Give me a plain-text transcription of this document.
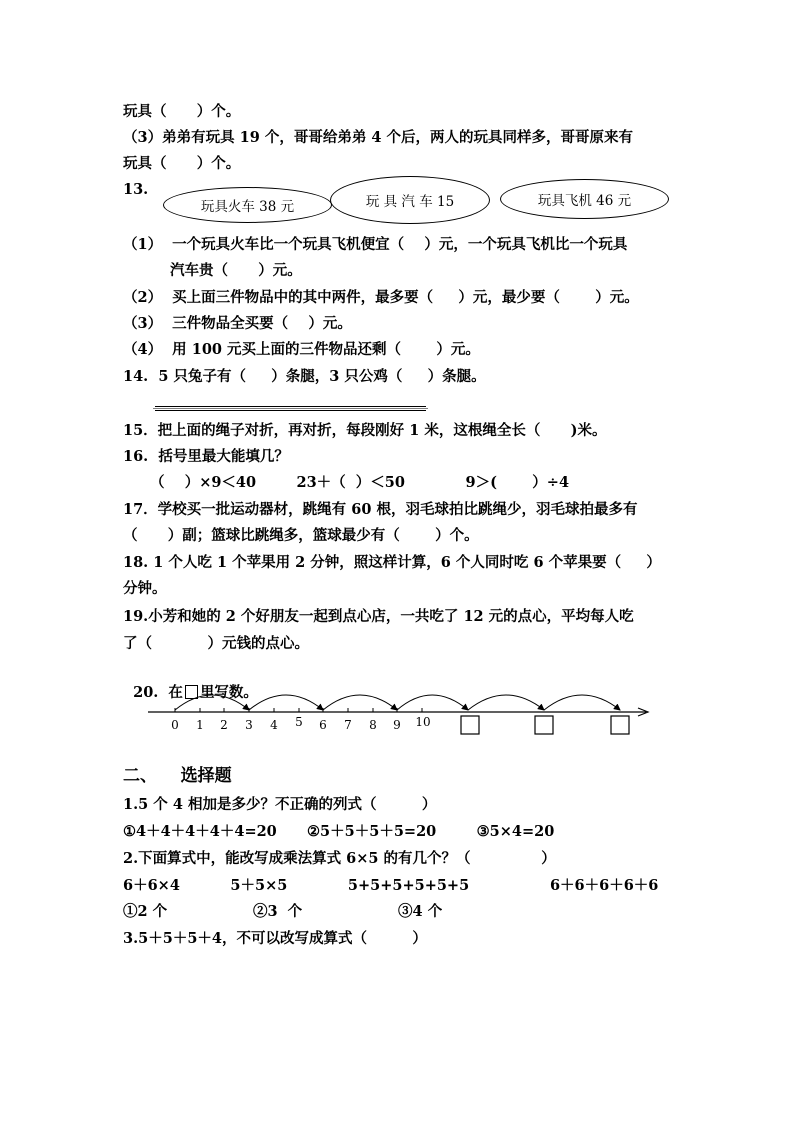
玩具（      ）个。
（3）弟弟有玩具 19 个，哥哥给弟弟 4 个后，两人的玩具同样多，哥哥原来有
玩具（      ）个。
13.
玩具火车 38 元	玩 具 汽 车 15	玩具飞机 46 元
（1）  一个玩具火车比一个玩具飞机便宜（    ）元，一个玩具飞机比一个玩具
汽车贵（      ）元。
（2）  买上面三件物品中的其中两件，最多要（     ）元，最少要（       ）元。
（3）  三件物品全买要（    ）元。
（4）  用 100 元买上面的三件物品还剩（       ）元。
14.  5 只兔子有（     ）条腿，3 只公鸡（     ）条腿。
15．把上面的绳子对折，再对折，每段刚好 1 米，这根绳全长（      )米。
16.  括号里最大能填几？
（    ）×9＜40        23＋（  ）＜50            9＞(       ）÷4
17．学校买一批运动器材，跳绳有 60 根，羽毛球拍比跳绳少，羽毛球拍最多有
（      ）副；篮球比跳绳多，篮球最少有（       ）个。
18. 1 个人吃 1 个苹果用 2 分钟，照这样计算，6 个人同时吃 6 个苹果要（     ）
分钟。
19.小芳和她的 2 个好朋友一起到点心店，一共吃了 12 元的点心，平均每人吃
了（           ）元钱的点心。

20.  在 里写数。

0 1 2 3 4 5 6 7 8 9 10
二、    选择题
1.5 个 4 相加是多少？不正确的列式（         ）
①4＋4＋4＋4＋4=20      ②5＋5＋5＋5=20        ③5×4=20
2.下面算式中，能改写成乘法算式 6×5 的有几个？（              ）
6＋6×4          5＋5×5            5+5+5+5+5+5                6＋6＋6＋6＋6
①2 个                 ②3  个                   ③4 个
3.5＋5＋5＋4，不可以改写成算式（         ）
